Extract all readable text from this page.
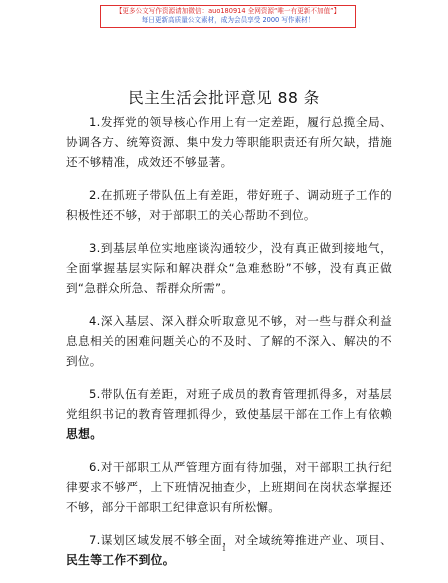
【更多公文写作资源请加微信：auo180914 全网资源“唯一有更新不加值”】
每日更新高质量公文素材，成为会员享受 2000 写作素材！
民主生活会批评意见 88 条

1.发挥党的领导核心作用上有一定差距，履行总揽全局、协调各方、统筹资源、集中发力等职能职责还有所欠缺，措施还不够精准，成效还不够显著。

2.在抓班子带队伍上有差距，带好班子、调动班子工作的积极性还不够，对于部职工的关心帮助不到位。

3.到基层单位实地座谈沟通较少，没有真正做到接地气，全面掌握基层实际和解决群众“急难愁盼”不够，没有真正做到“急群众所急、帮群众所需”。

4.深入基层、深入群众听取意见不够，对一些与群众利益息息相关的困难问题关心的不及时、了解的不深入、解决的不到位。

5.带队伍有差距，对班子成员的教育管理抓得多，对基层党组织书记的教育管理抓得少，致使基层干部在工作上有依赖思想。

6.对干部职工从严管理方面有待加强，对干部职工执行纪律要求不够严，上下班情况抽查少，上班期间在岗状态掌握还不够，部分干部职工纪律意识有所松懈。

7.谋划区域发展不够全面，对全域统筹推进产业、项目、民生等工作不到位。

1
